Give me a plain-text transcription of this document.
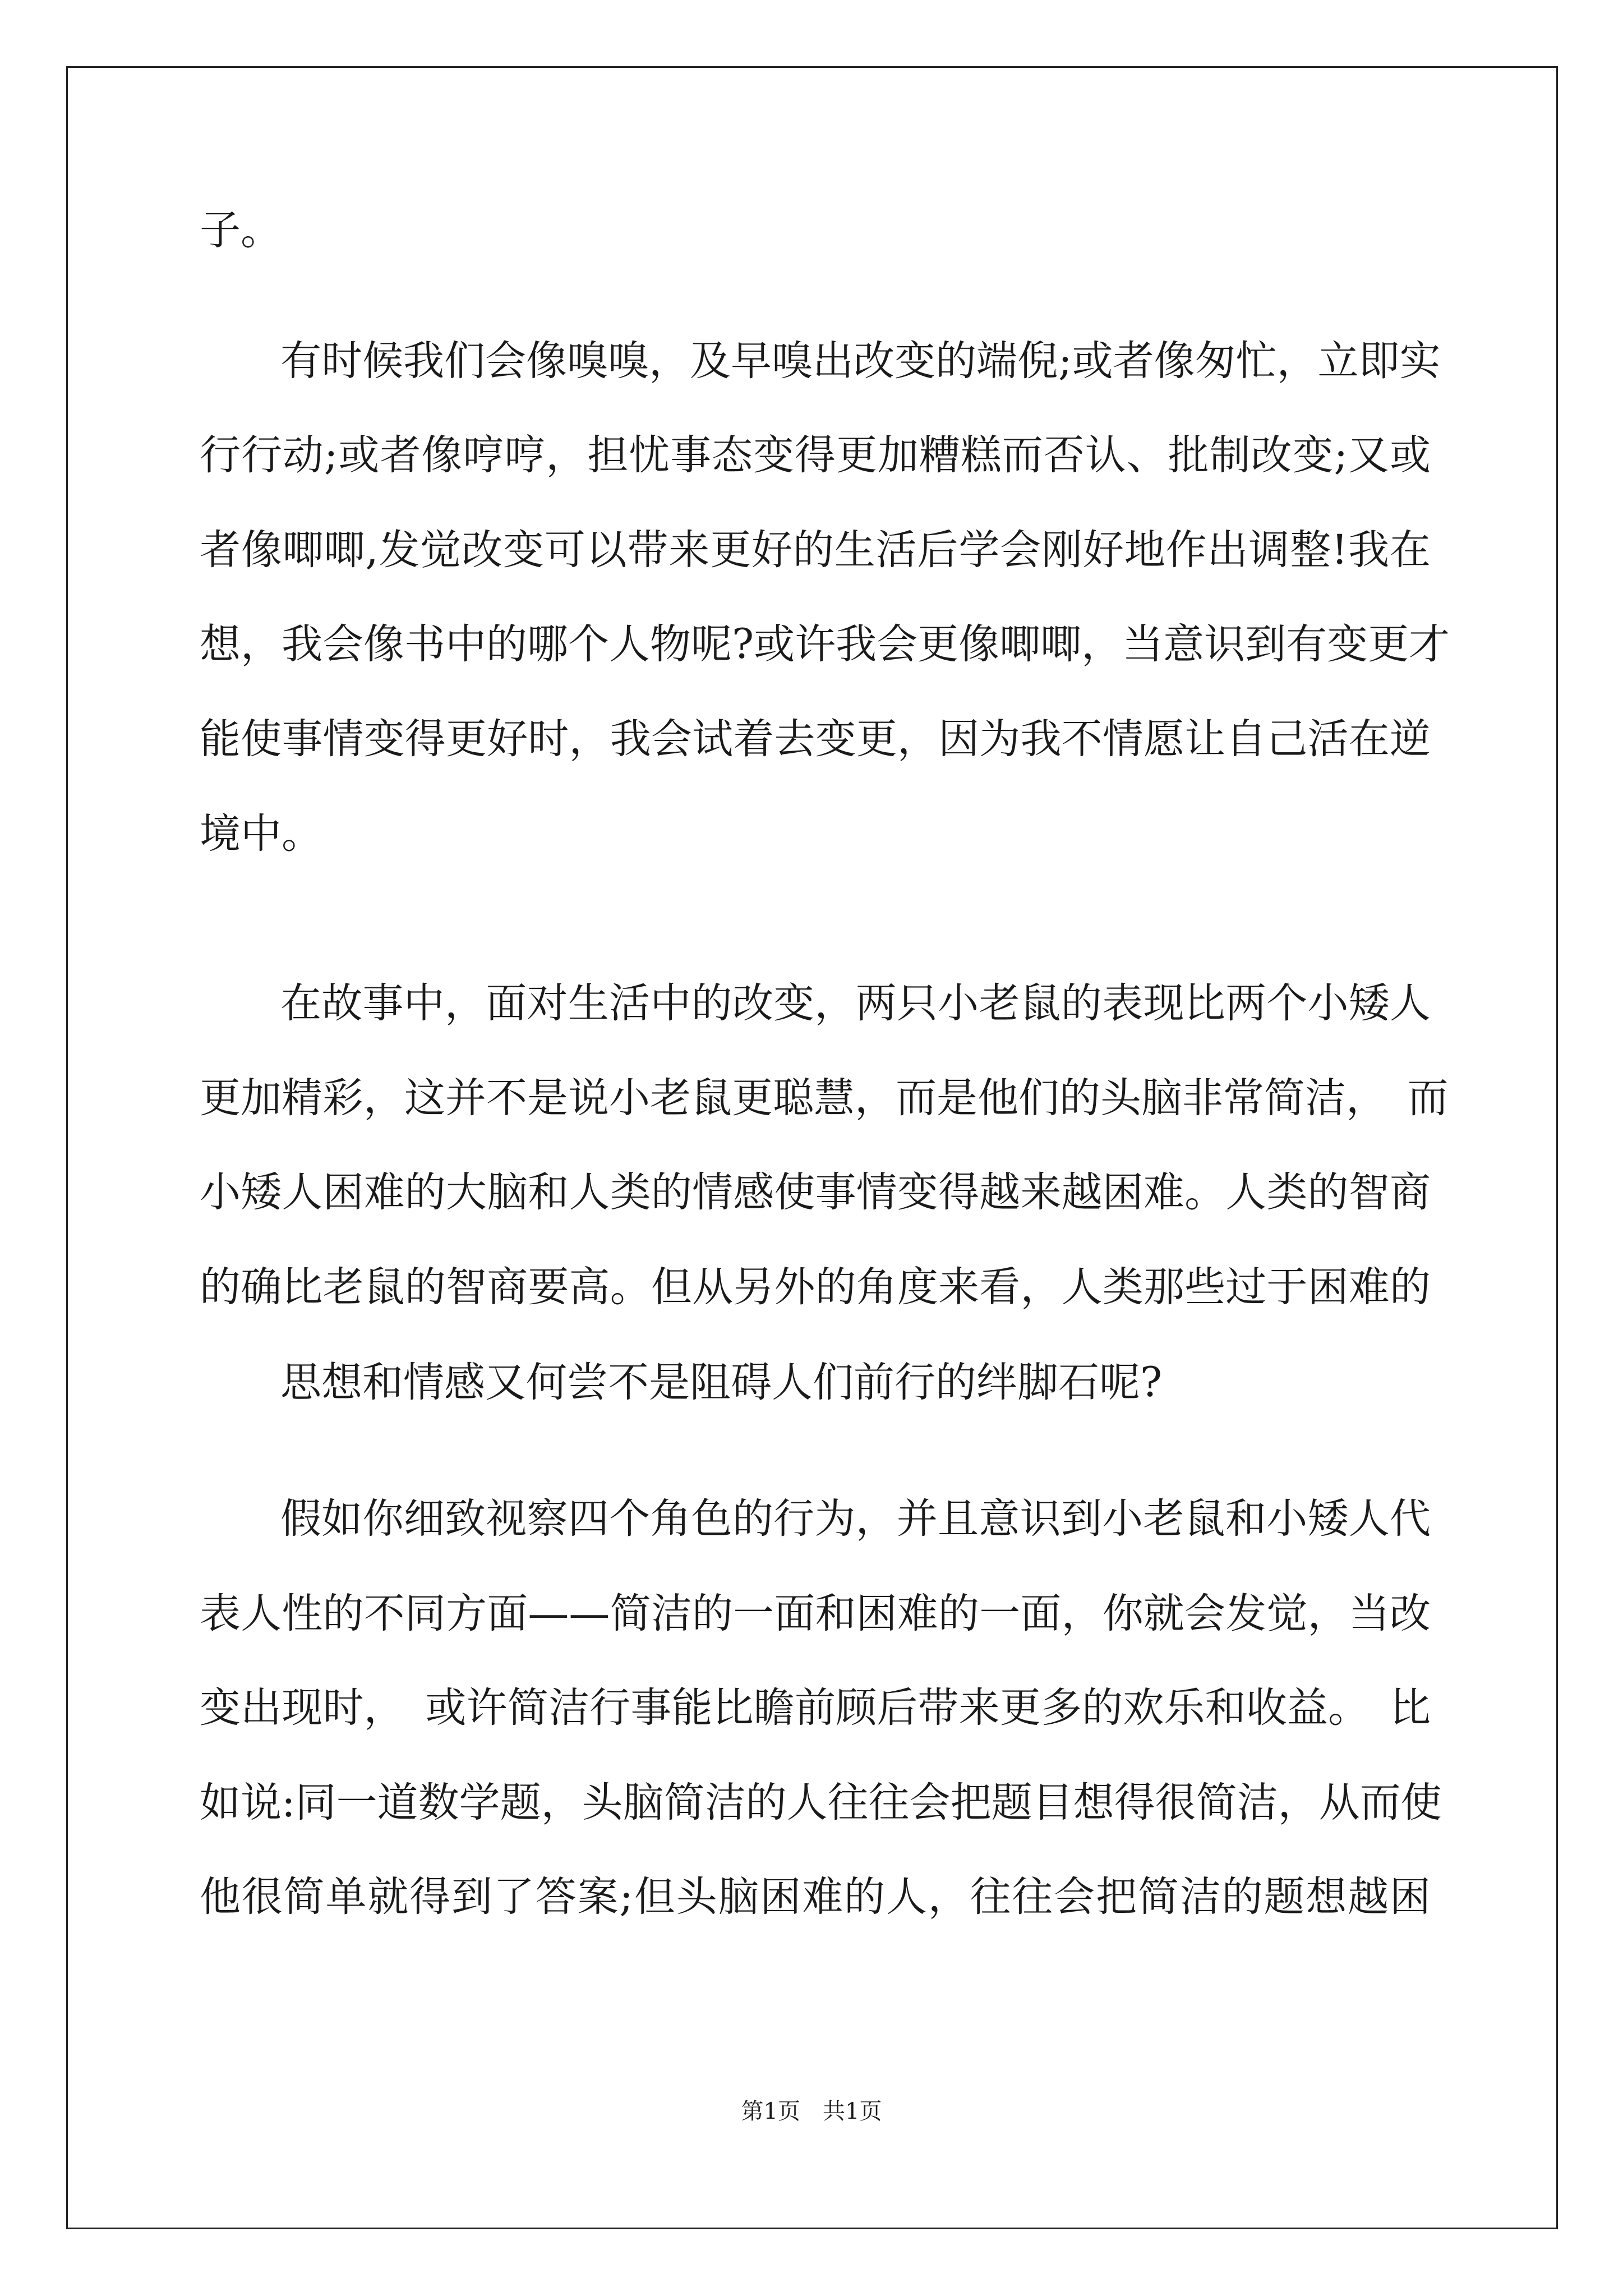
子。
有时候我们会像嗅嗅，及早嗅出改变的端倪;或者像匆忙，立即实
行行动;或者像哼哼，担忧事态变得更加糟糕而否认、批制改变;又或
者像唧唧,发觉改变可以带来更好的生活后学会刚好地作出调整!我在
想，我会像书中的哪个人物呢?或许我会更像唧唧，当意识到有变更才
能使事情变得更好时，我会试着去变更，因为我不情愿让自己活在逆
境中。
在故事中，面对生活中的改变，两只小老鼠的表现比两个小矮人
更加精彩，这并不是说小老鼠更聪慧，而是他们的头脑非常简洁，　而
小矮人困难的大脑和人类的情感使事情变得越来越困难。人类的智商
的确比老鼠的智商要高。但从另外的角度来看，人类那些过于困难的
思想和情感又何尝不是阻碍人们前行的绊脚石呢?
假如你细致视察四个角色的行为，并且意识到小老鼠和小矮人代
表人性的不同方面——简洁的一面和困难的一面，你就会发觉，当改
变出现时，　或许简洁行事能比瞻前顾后带来更多的欢乐和收益。　比
如说:同一道数学题，头脑简洁的人往往会把题目想得很简洁，从而使
他很简单就得到了答案;但头脑困难的人，往往会把简洁的题想越困
第1页　共1页
